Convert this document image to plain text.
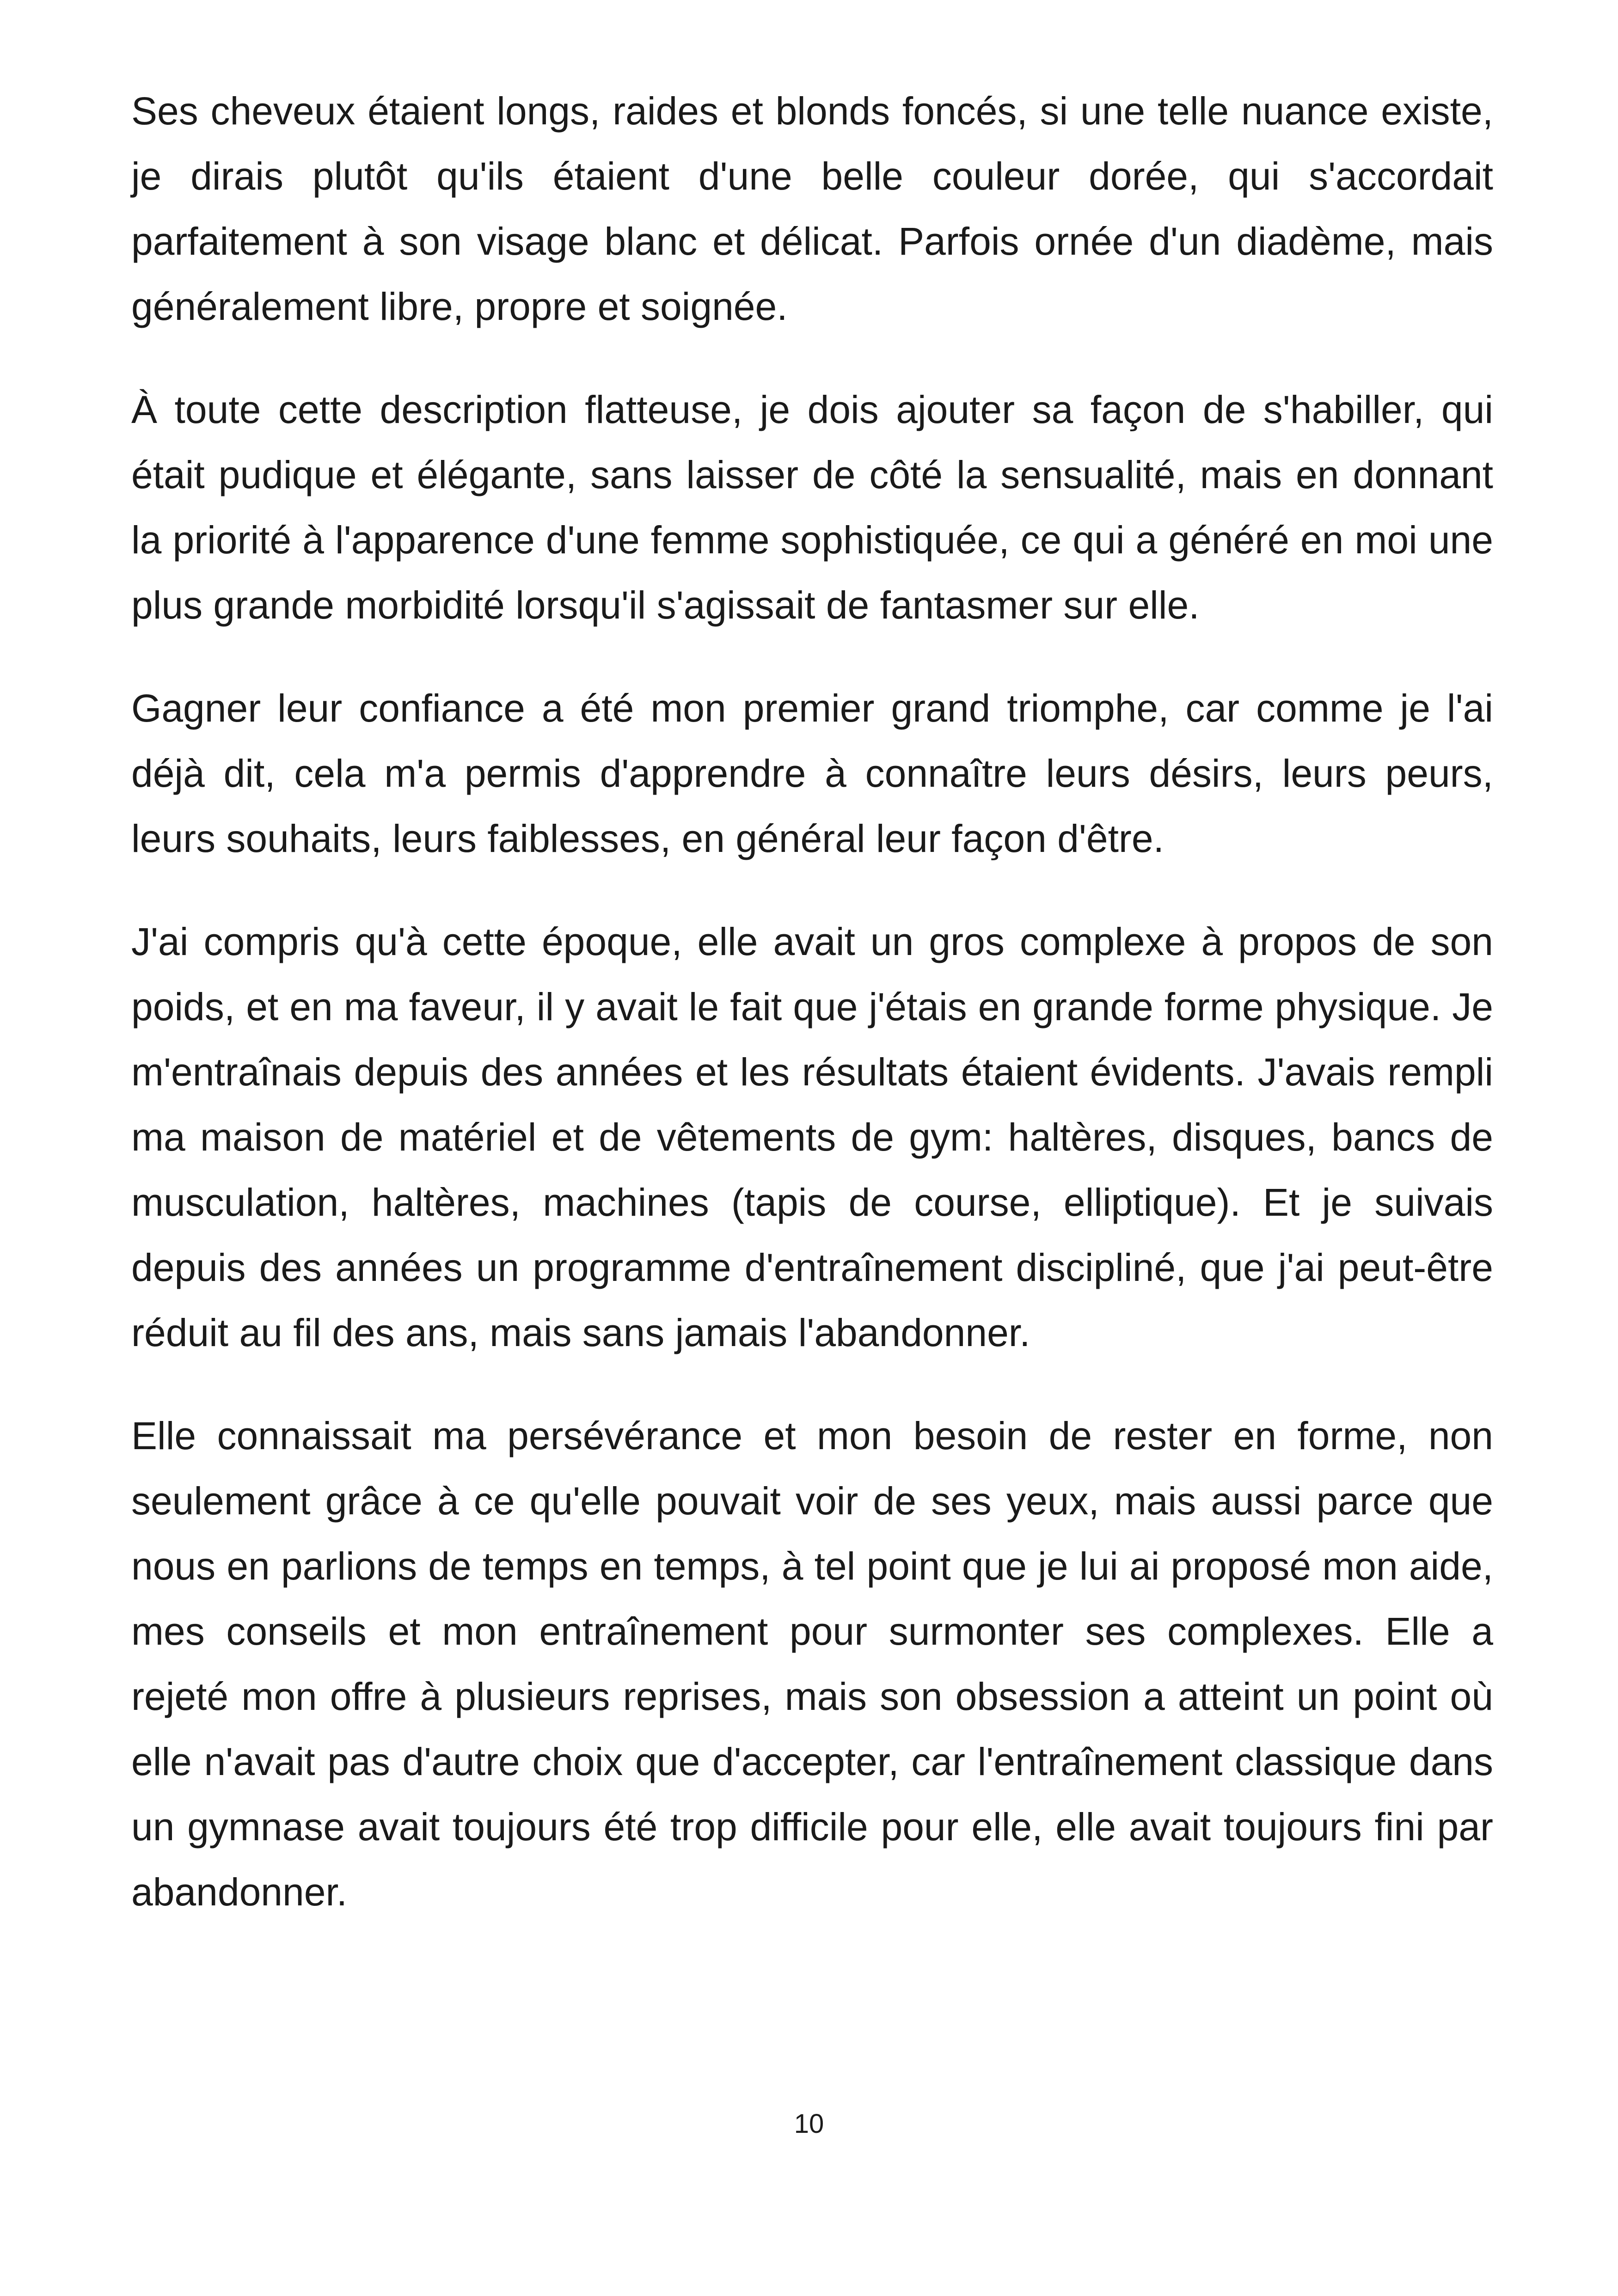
Ses cheveux étaient longs, raides et blonds foncés, si une telle nuance existe, je dirais plutôt qu'ils étaient d'une belle couleur dorée, qui s'accordait parfaitement à son visage blanc et délicat. Parfois ornée d'un diadème, mais généralement libre, propre et soignée.

À toute cette description flatteuse, je dois ajouter sa façon de s'habiller, qui était pudique et élégante, sans laisser de côté la sensualité, mais en donnant la priorité à l'apparence d'une femme sophistiquée, ce qui a généré en moi une plus grande morbidité lorsqu'il s'agissait de fantasmer sur elle.

Gagner leur confiance a été mon premier grand triomphe, car comme je l'ai déjà dit, cela m'a permis d'apprendre à connaître leurs désirs, leurs peurs, leurs souhaits, leurs faiblesses, en général leur façon d'être.

J'ai compris qu'à cette époque, elle avait un gros complexe à propos de son poids, et en ma faveur, il y avait le fait que j'étais en grande forme physique. Je m'entraînais depuis des années et les résultats étaient évidents. J'avais rempli ma maison de matériel et de vêtements de gym: haltères, disques, bancs de musculation, haltères, machines (tapis de course, elliptique). Et je suivais depuis des années un programme d'entraînement discipliné, que j'ai peut-être réduit au fil des ans, mais sans jamais l'abandonner.

Elle connaissait ma persévérance et mon besoin de rester en forme, non seulement grâce à ce qu'elle pouvait voir de ses yeux, mais aussi parce que nous en parlions de temps en temps, à tel point que je lui ai proposé mon aide, mes conseils et mon entraînement pour surmonter ses complexes. Elle a rejeté mon offre à plusieurs reprises, mais son obsession a atteint un point où elle n'avait pas d'autre choix que d'accepter, car l'entraînement classique dans un gymnase avait toujours été trop difficile pour elle, elle avait toujours fini par abandonner.

10
